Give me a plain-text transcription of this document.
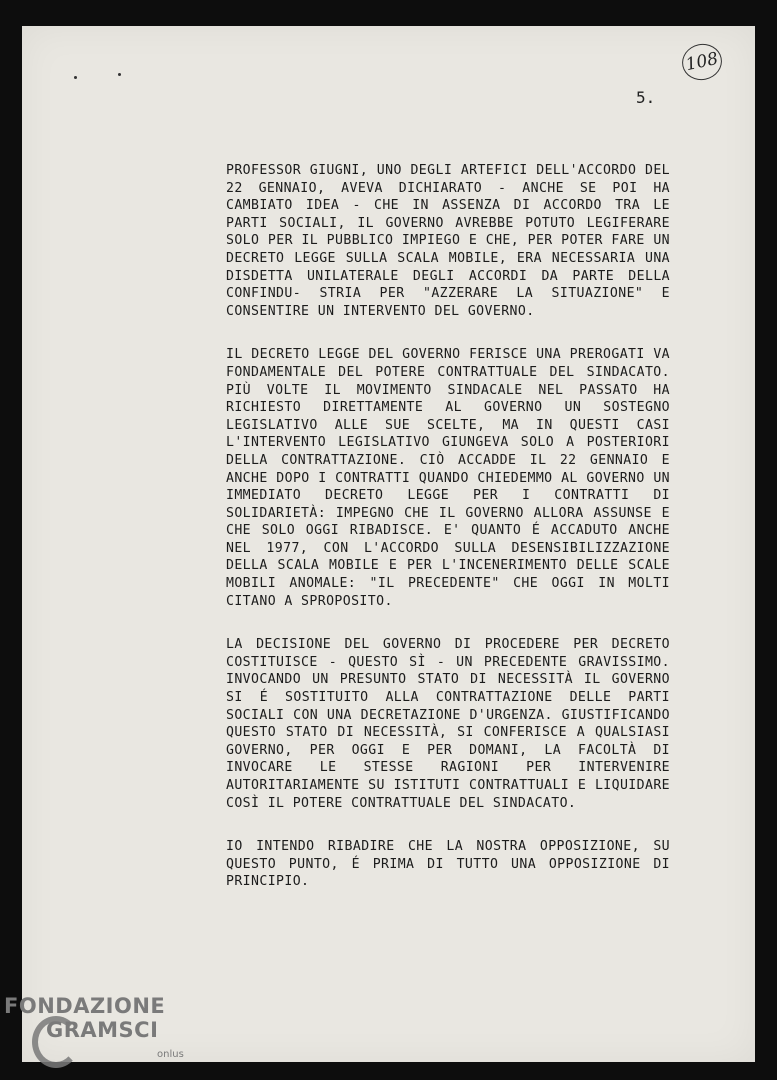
108
5.

PROFESSOR GIUGNI, UNO DEGLI ARTEFICI DELL'ACCORDO DEL 22 GENNAIO, AVEVA DICHIARATO - ANCHE SE POI HA CAMBIATO IDEA - CHE IN ASSENZA DI ACCORDO TRA LE PARTI SOCIALI, IL GOVERNO AVREBBE POTUTO LEGIFERARE SOLO PER IL PUBBLICO IMPIEGO E CHE, PER POTER FARE UN DECRETO LEGGE SULLA SCALA MOBILE, ERA NECESSARIA UNA DISDETTA UNILATERALE DEGLI ACCORDI DA PARTE DELLA CONFINDU- STRIA PER "AZZERARE LA SITUAZIONE" E CONSENTIRE UN INTERVENTO DEL GOVERNO.

IL DECRETO LEGGE DEL GOVERNO FERISCE UNA PREROGATI VA FONDAMENTALE DEL POTERE CONTRATTUALE DEL SINDACATO. PIÙ VOLTE IL MOVIMENTO SINDACALE NEL PASSATO HA RICHIESTO DIRETTAMENTE AL GOVERNO UN SOSTEGNO LEGISLATIVO ALLE SUE SCELTE, MA IN QUESTI CASI L'INTERVENTO LEGISLATIVO GIUNGEVA SOLO A POSTERIORI DELLA CONTRATTAZIONE. CIÒ ACCADDE IL 22 GENNAIO E ANCHE DOPO I CONTRATTI QUANDO CHIEDEMMO AL GOVERNO UN IMMEDIATO DECRETO LEGGE PER I CONTRATTI DI SOLIDARIETÀ: IMPEGNO CHE IL GOVERNO ALLORA ASSUNSE E CHE SOLO OGGI RIBADISCE. E' QUANTO É ACCADUTO ANCHE NEL 1977, CON L'ACCORDO SULLA DESENSIBILIZZAZIONE DELLA SCALA MOBILE E PER L'INCENERIMENTO DELLE SCALE MOBILI ANOMALE: "IL PRECEDENTE" CHE OGGI IN MOLTI CITANO A SPROPOSITO.

LA DECISIONE DEL GOVERNO DI PROCEDERE PER DECRETO COSTITUISCE - QUESTO SÌ - UN PRECEDENTE GRAVISSIMO. INVOCANDO UN PRESUNTO STATO DI NECESSITÀ IL GOVERNO SI É SOSTITUITO ALLA CONTRATTAZIONE DELLE PARTI SOCIALI CON UNA DECRETAZIONE D'URGENZA. GIUSTIFICANDO QUESTO STATO DI NECESSITÀ, SI CONFERISCE A QUALSIASI GOVERNO, PER OGGI E PER DOMANI, LA FACOLTÀ DI INVOCARE LE STESSE RAGIONI PER INTERVENIRE AUTORITARIAMENTE SU ISTITUTI CONTRATTUALI E LIQUIDARE COSÌ IL POTERE CONTRATTUALE DEL SINDACATO.

IO INTENDO RIBADIRE CHE LA NOSTRA OPPOSIZIONE, SU QUESTO PUNTO, É PRIMA DI TUTTO UNA OPPOSIZIONE DI PRINCIPIO.

FONDAZIONE
GRAMSCI
onlus
